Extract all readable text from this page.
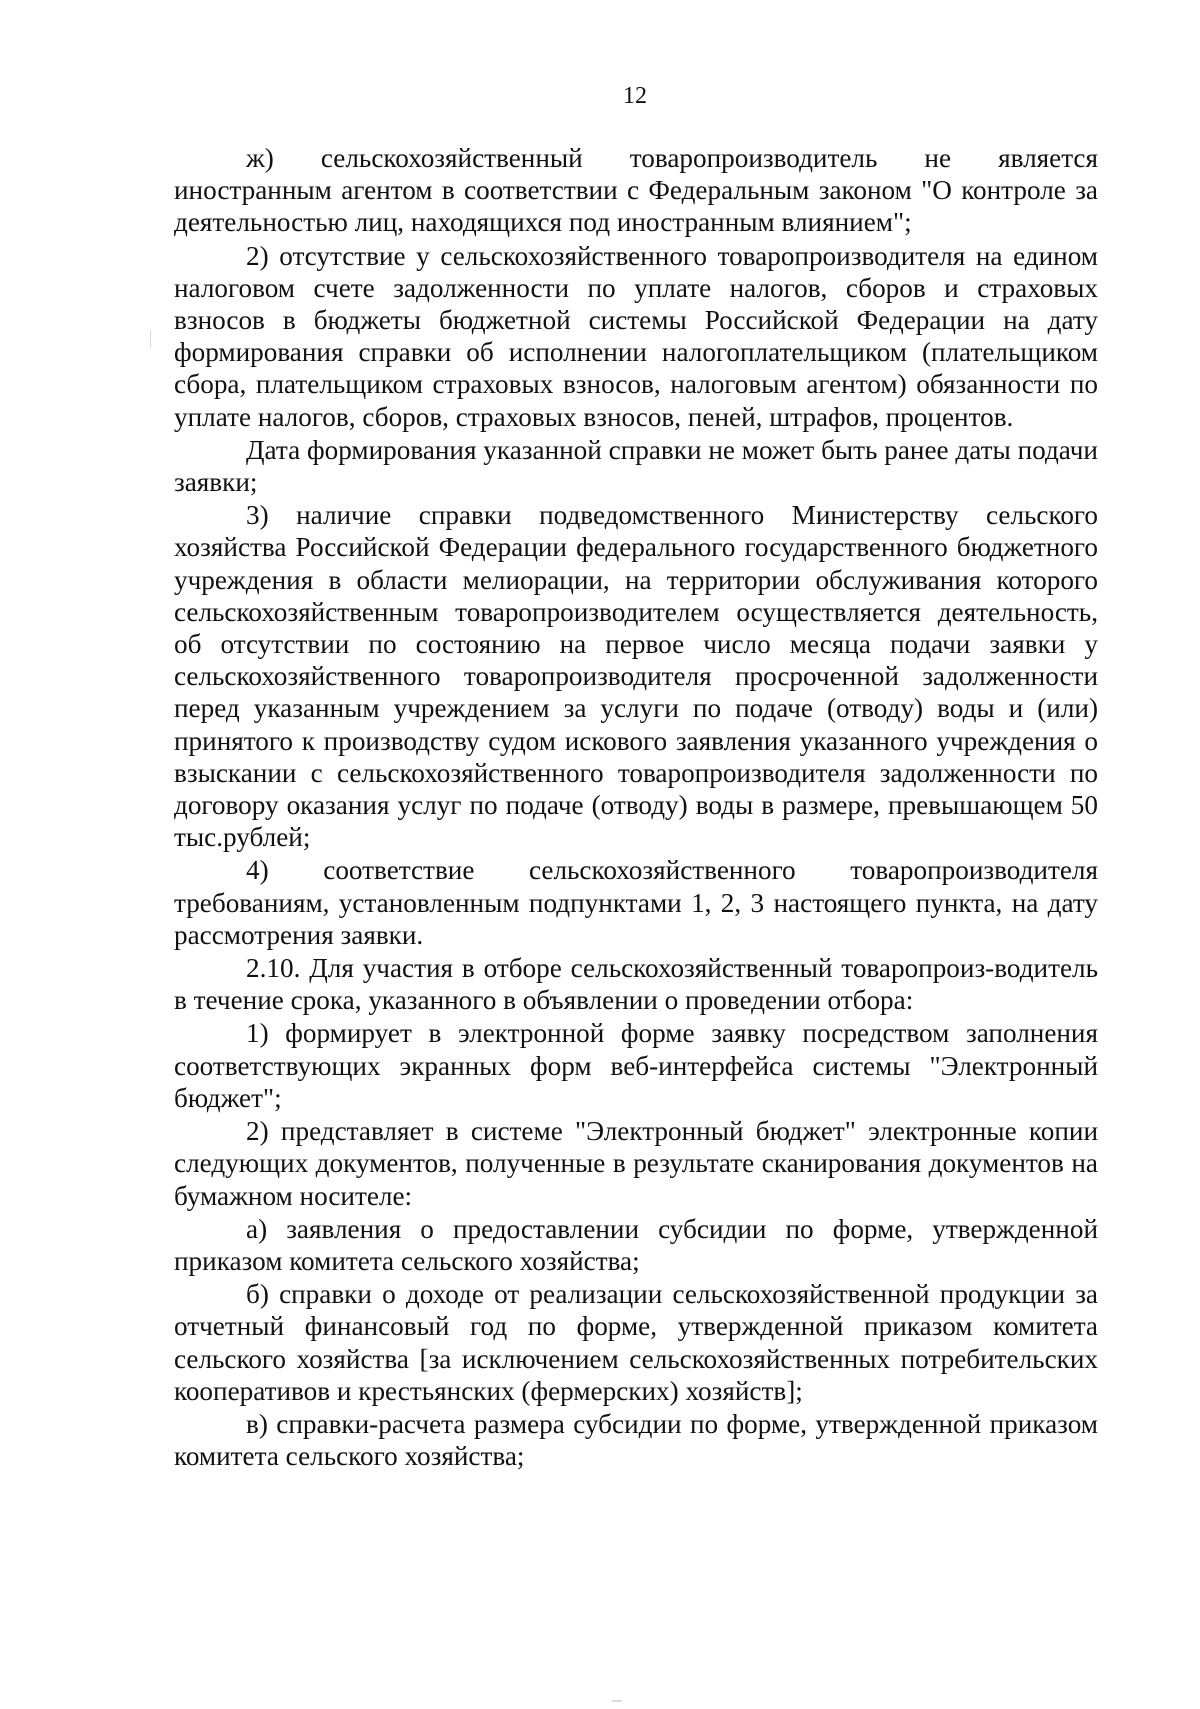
12

ж) сельскохозяйственный товаропроизводитель не является иностранным агентом в соответствии с Федеральным законом "О контроле за деятельностью лиц, находящихся под иностранным влиянием";

2) отсутствие у сельскохозяйственного товаропроизводителя на едином налоговом счете задолженности по уплате налогов, сборов и страховых взносов в бюджеты бюджетной системы Российской Федерации на дату формирования справки об исполнении налогоплательщиком (плательщиком сбора, плательщиком страховых взносов, налоговым агентом) обязанности по уплате налогов, сборов, страховых взносов, пеней, штрафов, процентов.

Дата формирования указанной справки не может быть ранее даты подачи заявки;

3) наличие справки подведомственного Министерству сельского хозяйства Российской Федерации федерального государственного бюджетного учреждения в области мелиорации, на территории обслуживания которого сельскохозяйственным товаропроизводителем осуществляется деятельность, об отсутствии по состоянию на первое число месяца подачи заявки у сельскохозяйственного товаропроизводителя просроченной задолженности перед указанным учреждением за услуги по подаче (отводу) воды и (или) принятого к производству судом искового заявления указанного учреждения о взыскании с сельскохозяйственного товаропроизводителя задолженности по договору оказания услуг по подаче (отводу) воды в размере, превышающем 50 тыс.рублей;

4) соответствие сельскохозяйственного товаропроизводителя требованиям, установленным подпунктами 1, 2, 3 настоящего пункта, на дату рассмотрения заявки.

2.10. Для участия в отборе сельскохозяйственный товаропроиз-водитель в течение срока, указанного в объявлении о проведении отбора:

1) формирует в электронной форме заявку посредством заполнения соответствующих экранных форм веб-интерфейса системы "Электронный бюджет";

2) представляет в системе "Электронный бюджет" электронные копии следующих документов, полученные в результате сканирования документов на бумажном носителе:

а) заявления о предоставлении субсидии по форме, утвержденной приказом комитета сельского хозяйства;

б) справки о доходе от реализации сельскохозяйственной продукции за отчетный финансовый год по форме, утвержденной приказом комитета сельского хозяйства [за исключением сельскохозяйственных потребительских кооперативов и крестьянских (фермерских) хозяйств];

в) справки-расчета размера субсидии по форме, утвержденной приказом комитета сельского хозяйства;
